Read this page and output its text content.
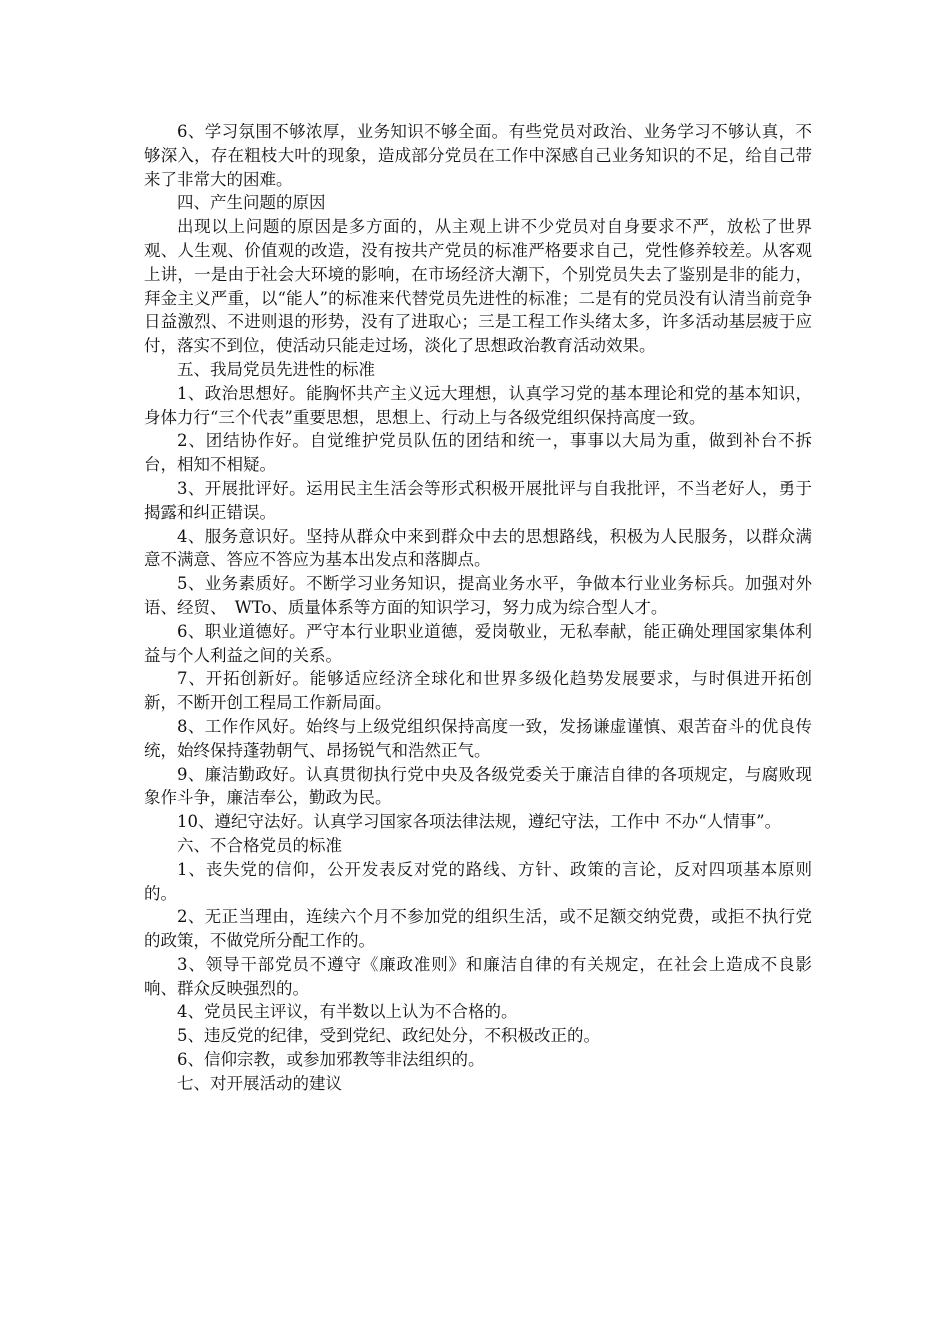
6、学习氛围不够浓厚，业务知识不够全面。有些党员对政治、业务学习不够认真，不够深入，存在粗枝大叶的现象，造成部分党员在工作中深感自己业务知识的不足，给自己带来了非常大的困难。

四、产生问题的原因

出现以上问题的原因是多方面的，从主观上讲不少党员对自身要求不严，放松了世界观、人生观、价值观的改造，没有按共产党员的标准严格要求自己，党性修养较差。从客观上讲，一是由于社会大环境的影响，在市场经济大潮下，个别党员失去了鉴别是非的能力，拜金主义严重，以“能人”的标准来代替党员先进性的标准；二是有的党员没有认清当前竞争日益激烈、不进则退的形势，没有了进取心；三是工程工作头绪太多，许多活动基层疲于应付，落实不到位，使活动只能走过场，淡化了思想政治教育活动效果。

五、我局党员先进性的标准

1、政治思想好。能胸怀共产主义远大理想，认真学习党的基本理论和党的基本知识，身体力行“三个代表”重要思想，思想上、行动上与各级党组织保持高度一致。

2、团结协作好。自觉维护党员队伍的团结和统一，事事以大局为重，做到补台不拆台，相知不相疑。

3、开展批评好。运用民主生活会等形式积极开展批评与自我批评，不当老好人，勇于揭露和纠正错误。

4、服务意识好。坚持从群众中来到群众中去的思想路线，积极为人民服务，以群众满意不满意、答应不答应为基本出发点和落脚点。

5、业务素质好。不断学习业务知识，提高业务水平，争做本行业业务标兵。加强对外语、经贸、　WTo、质量体系等方面的知识学习，努力成为综合型人才。

6、职业道德好。严守本行业职业道德，爱岗敬业，无私奉献，能正确处理国家集体利益与个人利益之间的关系。

7、开拓创新好。能够适应经济全球化和世界多级化趋势发展要求，与时俱进开拓创新，不断开创工程局工作新局面。

8、工作作风好。始终与上级党组织保持高度一致，发扬谦虚谨慎、艰苦奋斗的优良传统，始终保持蓬勃朝气、昂扬锐气和浩然正气。

9、廉洁勤政好。认真贯彻执行党中央及各级党委关于廉洁自律的各项规定，与腐败现象作斗争，廉洁奉公，勤政为民。

10、遵纪守法好。认真学习国家各项法律法规，遵纪守法，工作中 不办“人情事”。

六、不合格党员的标准

1、丧失党的信仰，公开发表反对党的路线、方针、政策的言论，反对四项基本原则的。

2、无正当理由，连续六个月不参加党的组织生活，或不足额交纳党费，或拒不执行党的政策，不做党所分配工作的。

3、领导干部党员不遵守《廉政准则》和廉洁自律的有关规定，在社会上造成不良影响、群众反映强烈的。

4、党员民主评议，有半数以上认为不合格的。

5、违反党的纪律，受到党纪、政纪处分，不积极改正的。

6、信仰宗教，或参加邪教等非法组织的。

七、对开展活动的建议
